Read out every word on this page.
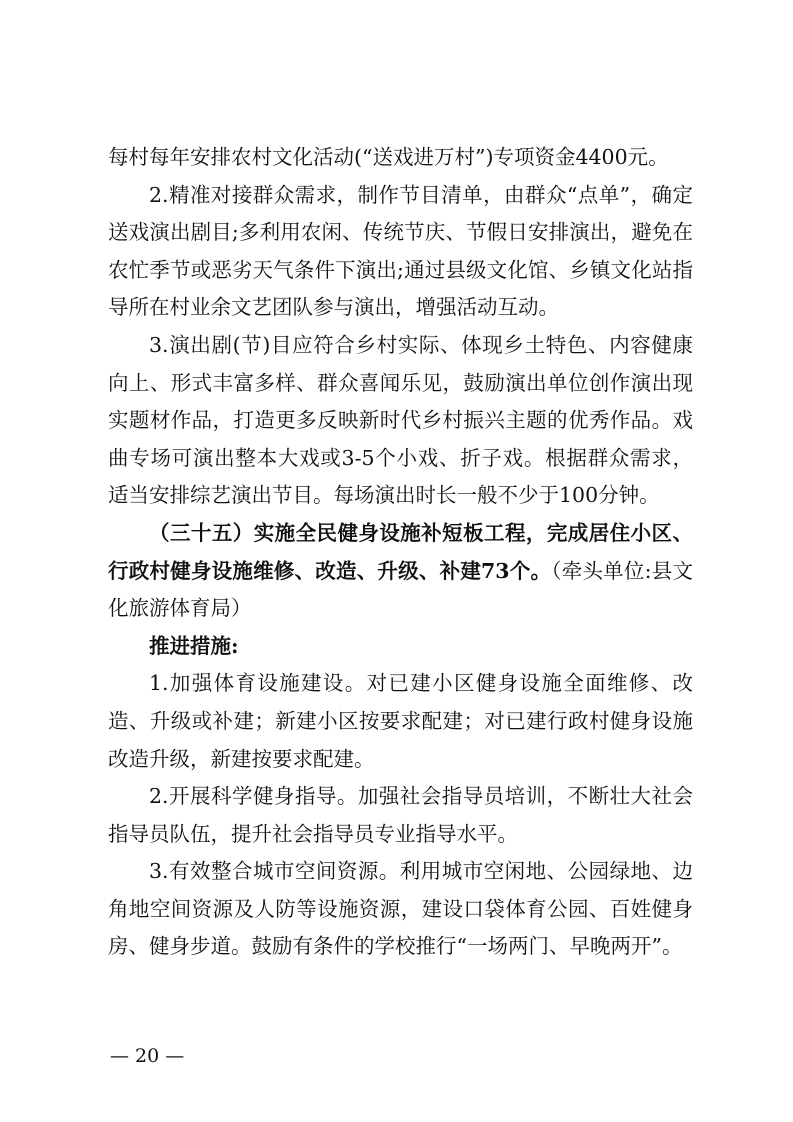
每村每年安排农村文化活动(“送戏进万村”)专项资金4400元。

2.精准对接群众需求，制作节目清单，由群众“点单”，确定送戏演出剧目;多利用农闲、传统节庆、节假日安排演出，避免在农忙季节或恶劣天气条件下演出;通过县级文化馆、乡镇文化站指导所在村业余文艺团队参与演出，增强活动互动。

3.演出剧(节)目应符合乡村实际、体现乡土特色、内容健康向上、形式丰富多样、群众喜闻乐见，鼓励演出单位创作演出现实题材作品，打造更多反映新时代乡村振兴主题的优秀作品。戏曲专场可演出整本大戏或3-5个小戏、折子戏。根据群众需求，适当安排综艺演出节目。每场演出时长一般不少于100分钟。

（三十五）实施全民健身设施补短板工程，完成居住小区、行政村健身设施维修、改造、升级、补建73个。（牵头单位:县文化旅游体育局）

推进措施:

1.加强体育设施建设。对已建小区健身设施全面维修、改造、升级或补建；新建小区按要求配建；对已建行政村健身设施改造升级，新建按要求配建。

2.开展科学健身指导。加强社会指导员培训，不断壮大社会指导员队伍，提升社会指导员专业指导水平。

3.有效整合城市空间资源。利用城市空闲地、公园绿地、边角地空间资源及人防等设施资源，建设口袋体育公园、百姓健身房、健身步道。鼓励有条件的学校推行“一场两门、早晚两开”。

— 20 —
